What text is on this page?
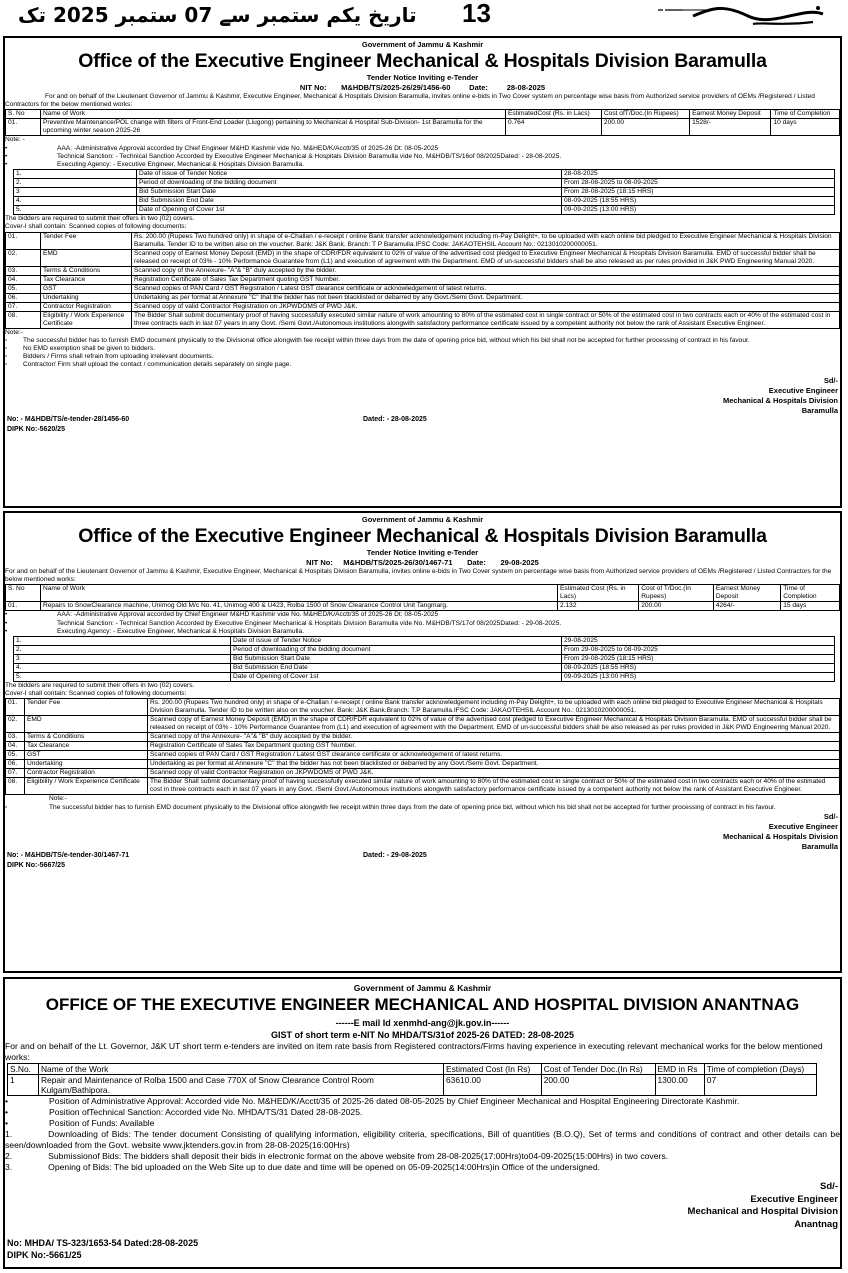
تاریخ یکم ستمبر سے 07 ستمبر 2025 تک 13
Government of Jammu & Kashmir
Office of the Executive Engineer Mechanical & Hospitals Division Baramulla
Tender Notice Inviting e-Tender
NIT No: M&HDB/TS/2025-26/29/1456-60	Date:	28-08-2025
For and on behalf of the Lieutenant Governor of Jammu & Kashmir, Executive Engineer, Mechanical & Hospitals Division Baramulla, invites online e-bids in Two Cover system on percentage wise basis from Authorized service providers of OEMs /Registered / Listed Contractors for the below mentioned works:
S. No	Name of Work	EstimatedCost (Rs. in Lacs)	Cost ofT/Doc.(In Rupees)	Earnest Money Deposit	Time of Completion
01.	Preventive Maintenance/POL change with filters of Front-End Loader (Liugong) pertaining to Mechanical & Hospital Sub-Division- 1st Baramulla for the upcoming winter season 2025-26	0.764	200.00	1528/-	10 days
Note: -
•	AAA: -Administrative Approval accorded by Chief Engineer M&HD Kashmir vide No. M&HED/K/Acctt/35 of 2025-26 Dt: 08-05-2025
•	Technical Sanction: - Technical Sanction Accorded by Executive Engineer Mechanical & Hospitals Division Baramulla vide No. M&HDB/TS/16of 08/2025Dated: - 28-08-2025.
•	Executing Agency: - Executive Engineer, Mechanical & Hospitals Division Baramulla.
1.	Date of issue of Tender Notice	28-08-2025
2.	Period of downloading of the bidding document	From 28-08-2025 to 08-09-2025
3	Bid Submission Start Date	From 28-08-2025 (18:15 HRS)
4.	Bid Submission End Date	08-09-2025 (18:55 HRS)
5.	Date of Opening of Cover 1st	09-09-2025 (13:00 HRS)
The bidders are required to submit their offers in two (02) covers.
Cover-I shall contain: Scanned copies of following documents:
01.	Tender Fee	Rs. 200.00 (Rupees Two hundred only) in shape of e-Challan / e-receipt / online Bank transfer acknowledgement including m-Pay Delight+, to be uploaded with each online bid pledged to Executive Engineer Mechanical & Hospitals Division Baramulla. Tender ID to be written also on the voucher. Bank: J&K Bank. Branch: T P Baramulla.IFSC Code: JAKAOTEHSIL Account No.: 0213010200000051.
02.	EMD	Scanned copy of Earnest Money Deposit (EMD) in the shape of CDR/FDR equivalent to 02% of value of the advertised cost pledged to Executive Engineer Mechanical & Hospitals Division Baramulla. EMD of successful bidder shall be released on receipt of 03% - 10% Performance Guarantee from (L1) and execution of agreement with the Department. EMD of un-successful bidders shall be also released as per rules provided in J&K PWD Engineering Manual 2020.
03.	Terms & Conditions	Scanned copy of the Annexure- "A"& "B" duly accepted by the bidder.
04.	Tax Clearance	Registration Certificate of Sales Tax Department quoting GST Number.
05.	GST	Scanned copies of PAN Card / GST Registration / Latest GST clearance certificate or acknowledgement of latest returns.
06.	Undertaking	Undertaking as per format at Annexure "C" that the bidder has not been blacklisted or debarred by any Govt./Semi Govt. Department.
07.	Contractor Registration	Scanned copy of valid Contractor Registration on JKPWDOMS of PWD J&K.
08.	Eligibility / Work Experience Certificate	The Bidder Shall submit documentary proof of having successfully executed similar nature of work amounting to 80% of the estimated cost in single contract or 50% of the estimated cost in two contracts each or 40% of the estimated cost in three contracts each in last 07 years in any Govt. /Semi Govt./Autonomous institutions alongwith satisfactory performance certificate issued by a competent authority not below the rank of Assistant Executive Engineer.
Note:-
▫ The successful bidder has to furnish EMD document physically to the Divisional office alongwith fee receipt within three days from the date of opening price bid, without which his bid shall not be accepted for further processing of contract in his favour.
▫ No EMD exemption shall be given to bidders.
▫ Bidders / Firms shall refrain from uploading irrelevant documents.
▫ Contractor/ Firm shall upload the contact / communication details separately on single page.
Sd/-
Executive Engineer
Mechanical & Hospitals Division
Baramulla
No: - M&HDB/TS/e-tender-28/1456-60	Dated: - 28-08-2025
DIPK No:-5620/25
Government of Jammu & Kashmir
Office of the Executive Engineer Mechanical & Hospitals Division Baramulla
Tender Notice Inviting e-Tender
NIT No: M&HDB/TS/2025-26/30/1467-71 Date: 29-08-2025
For and on behalf of the Lieutenant Governor of Jammu & Kashmir, Executive Engineer, Mechanical & Hospitals Division Baramulla, invites online e-bids in Two Cover system on percentage wise basis from Authorized service providers of OEMs /Registered / Listed Contractors for the below mentioned works:
S. No	Name of Work	Estimated Cost (Rs. in Lacs)	Cost of T/Doc.(In Rupees)	Earnest Money Deposit	Time of Completion
01.	Repairs to SnowClearance machine, Unimog Old M/c No. 41, Unimog 400 & U423, Rolba 1500 of Snow Clearance Control Unit Tangmarg.	2.132	200.00	4264/-	15 days
•	AAA: -Administrative Approval accorded by Chief Engineer M&HD Kashmir vide No. M&HED/K/Acctt/35 of 2025-26 Dt: 08-05-2025
•	Technical Sanction: - Technical Sanction Accorded by Executive Engineer Mechanical & Hospitals Division Baramulla vide No. M&HDB/TS/17of 08/2025Dated: - 29-08-2025.
•	Executing Agency: - Executive Engineer, Mechanical & Hospitals Division Baramulla.
1.	Date of issue of Tender Notice	29-08-2025
2.	Period of downloading of the bidding document	From 29-08-2025 to 08-09-2025
3	Bid Submission Start Date	From 29-08-2025 (18:15 HRS)
4.	Bid Submission End Date	08-09-2025 (18:55 HRS)
5.	Date of Opening of Cover 1st	09-09-2025 (13:00 HRS)
The bidders are required to submit their offers in two (02) covers.
Cover-I shall contain: Scanned copies of following documents:
01.	Tender Fee	Rs. 200.00 (Rupees Two hundred only) in shape of e-Challan / e-receipt / online Bank transfer acknowledgement including m-Pay Delight+, to be uploaded with each online bid pledged to Executive Engineer Mechanical & Hospitals Division Baramulla. Tender ID to be written also on the voucher. Bank: J&K Bank.Branch: T.P Baramulla.IFSC Code: JAKAOTEHSIL Account No.: 0213010200000051.
02.	EMD	Scanned copy of Earnest Money Deposit (EMD) in the shape of CDR/FDR equivalent to 02% of value of the advertised cost pledged to Executive Engineer Mechanical & Hospitals Division Baramulla. EMD of successful bidder shall be released on receipt of 03% - 10% Performance Guarantee from (L1) and execution of agreement with the Department. EMD of un-successful bidders shall be also released as per rules provided in J&K PWD Engineering Manual 2020.
03.	Terms & Conditions	Scanned copy of the Annexure- "A"& "B" duly accepted by the bidder.
04.	Tax Clearance	Registration Certificate of Sales Tax Department quoting GST Number.
05.	GST	Scanned copies of PAN Card / GST Registration / Latest GST clearance certificate or acknowledgement of latest returns.
06.	Undertaking	Undertaking as per format at Annexure "C" that the bidder has not been blacklisted or debarred by any Govt./Semi Govt. Department.
07.	Contractor Registration	Scanned copy of valid Contractor Registration on JKPWDOMS of PWD J&K.
08.	Eligibility / Work Experience Certificate	The Bidder Shall submit documentary proof of having successfully executed similar nature of work amounting to 80% of the estimated cost in single contract or 50% of the estimated cost in two contracts each or 40% of the estimated cost in three contracts each in last 07 years in any Govt. /Semi Govt./Autonomous institutions alongwith satisfactory performance certificate issued by a competent authority not below the rank of Assistant Executive Engineer.
Note:-
▫	The successful bidder has to furnish EMD document physically to the Divisional office alongwith fee receipt within three days from the date of opening price bid, without which his bid shall not be accepted for further processing of contract in his favour.
Sd/-
Executive Engineer
Mechanical & Hospitals Division
Baramulla
No: - M&HDB/TS/e-tender-30/1467-71	Dated: - 29-08-2025
DIPK No:-5667/25
Government of Jammu & Kashmir
OFFICE OF THE EXECUTIVE ENGINEER MECHANICAL AND HOSPITAL DIVISION ANANTNAG
------E mail Id xenmhd-ang@jk.gov.in------
GIST of short term e-NIT No MHDA/TS/31of 2025-26 DATED: 28-08-2025
For and on behalf of the Lt. Governor, J&K UT short term e-tenders are invited on item rate basis from Registered contractors/Firms having experience in executing relevant mechanical works for the below mentioned works:
S.No.	Name of the Work	Estimated Cost (In Rs)	Cost of Tender Doc.(In Rs)	EMD in Rs	Time of completion (Days)
1	Repair and Maintenance of Rolba 1500 and Case 770X of Snow Clearance Control Room Kulgam/Bathipora.	63610.00	200.00	1300.00	07
•	Position of Administrative Approval: Accorded vide No. M&HED/K/Acctt/35 of 2025-26 dated 08-05-2025 by Chief Engineer Mechanical and Hospital Engineering Directorate Kashmir.
•	Position ofTechnical Sanction: Accorded vide No. MHDA/TS/31 Dated 28-08-2025.
•	Position of Funds: Available
1.	Downloading of Bids: The tender document Consisting of qualifying information, eligibility criteria, specifications, Bill of quantities (B.O.Q), Set of terms and conditions of contract and other details can be seen/downloaded from the Govt. website www.jktenders.gov.in from 28-08-2025(16:00Hrs)
2.	Submissionof Bids: The bidders shall deposit their bids in electronic format on the above website from 28-08-2025(17:00Hrs)to04-09-2025(15:00Hrs) in two covers.
3.	Opening of Bids: The bid uploaded on the Web Site up to due date and time will be opened on 05-09-2025(14:00Hrs)in Office of the undersigned.
Sd/-
Executive Engineer
Mechanical and Hospital Division
Anantnag
No: MHDA/ TS-323/1653-54 Dated:28-08-2025
DIPK No:-5661/25
